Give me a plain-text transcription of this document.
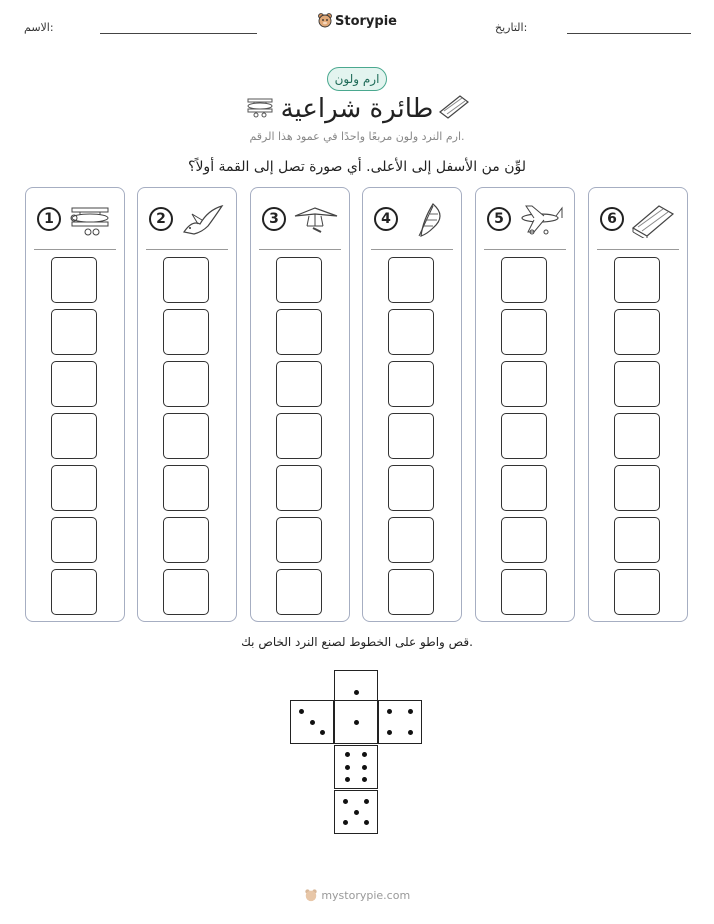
الاسم:	التاريخ:
Storypie
ارم ولون
طائرة شراعية
ارم النرد ولون مربعًا واحدًا في عمود هذا الرقم.
لوِّن من الأسفل إلى الأعلى. أي صورة تصل إلى القمة أولاً؟
1	2	3	4	5	6
قص واطو على الخطوط لصنع النرد الخاص بك.
mystorypie.com
